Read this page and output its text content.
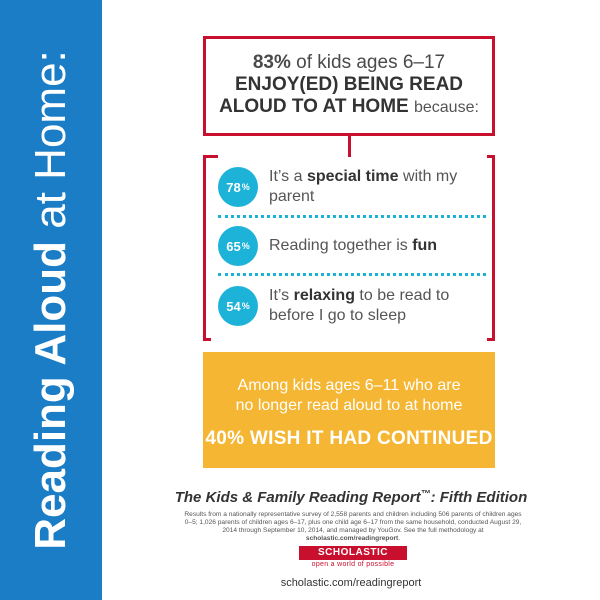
Reading Aloud at Home:	83% of kids ages 6–17
ENJOY(ED) BEING READ
ALOUD TO AT HOME because:
78 %
It’s a special time with my parent
65 % Reading together is fun
54 %
It’s relaxing to be read to before I go to sleep
Among kids ages 6–11 who are
no longer read aloud to at home
40% WISH IT HAD CONTINUED
The Kids & Family Reading Report™: Fifth Edition
Results from a nationally representative survey of 2,558 parents and children including 506 parents of children ages 0–5; 1,026 parents of children ages 6–17, plus one child age 6–17 from the same household, conducted August 29, 2014 through September 10, 2014, and managed by YouGov. See the full methodology at scholastic.com/readingreport.
SCHOLASTIC
open a world of possible
scholastic.com/readingreport
